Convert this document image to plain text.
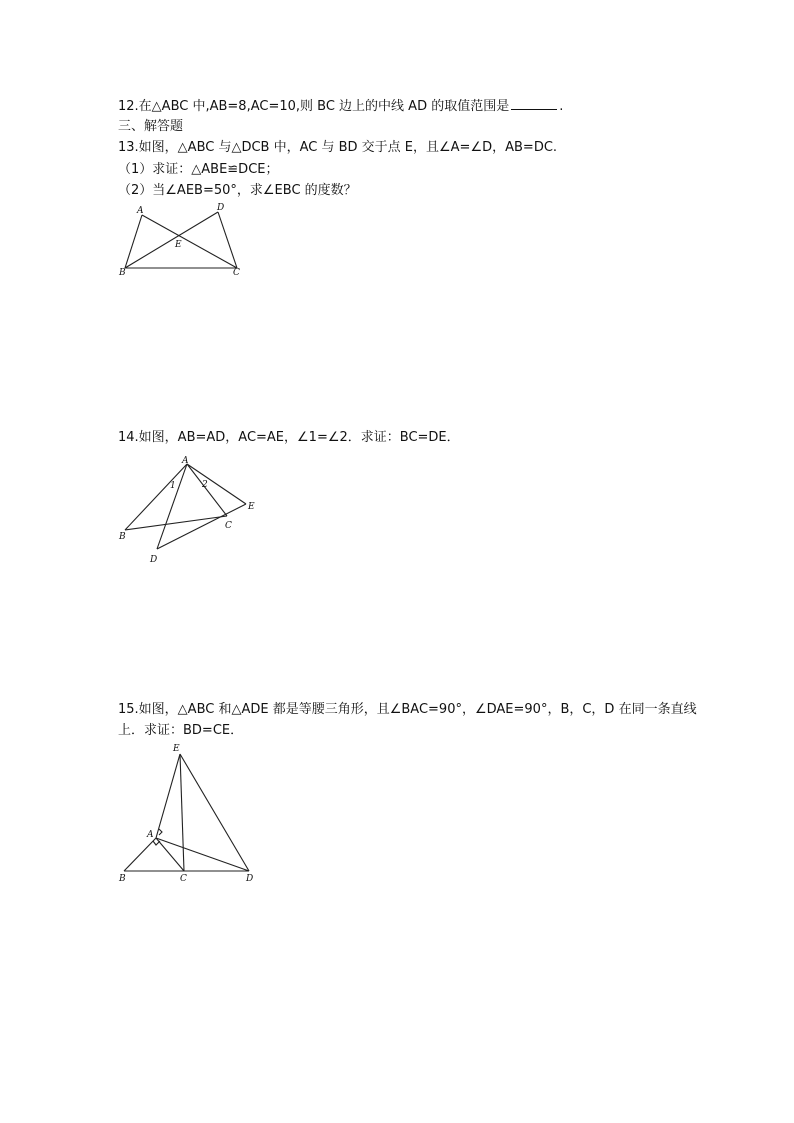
12.在△ABC 中,AB=8,AC=10,则 BC 边上的中线 AD 的取值范围是	.
三、解答题
13.如图，△ABC 与△DCB 中，AC 与 BD 交于点 E，且∠A=∠D，AB=DC.
（1）求证：△ABE≌DCE；
（2）当∠AEB=50°，求∠EBC 的度数？
A	D
E
B	C
14.如图，AB=AD，AC=AE，∠1=∠2．求证：BC=DE．
A
1	2
E
C
B
D
15.如图，△ABC 和△ADE 都是等腰三角形，且∠BAC=90°，∠DAE=90°，B，C，D 在同一条直线
上．求证：BD=CE．
E
A
B	C	D
